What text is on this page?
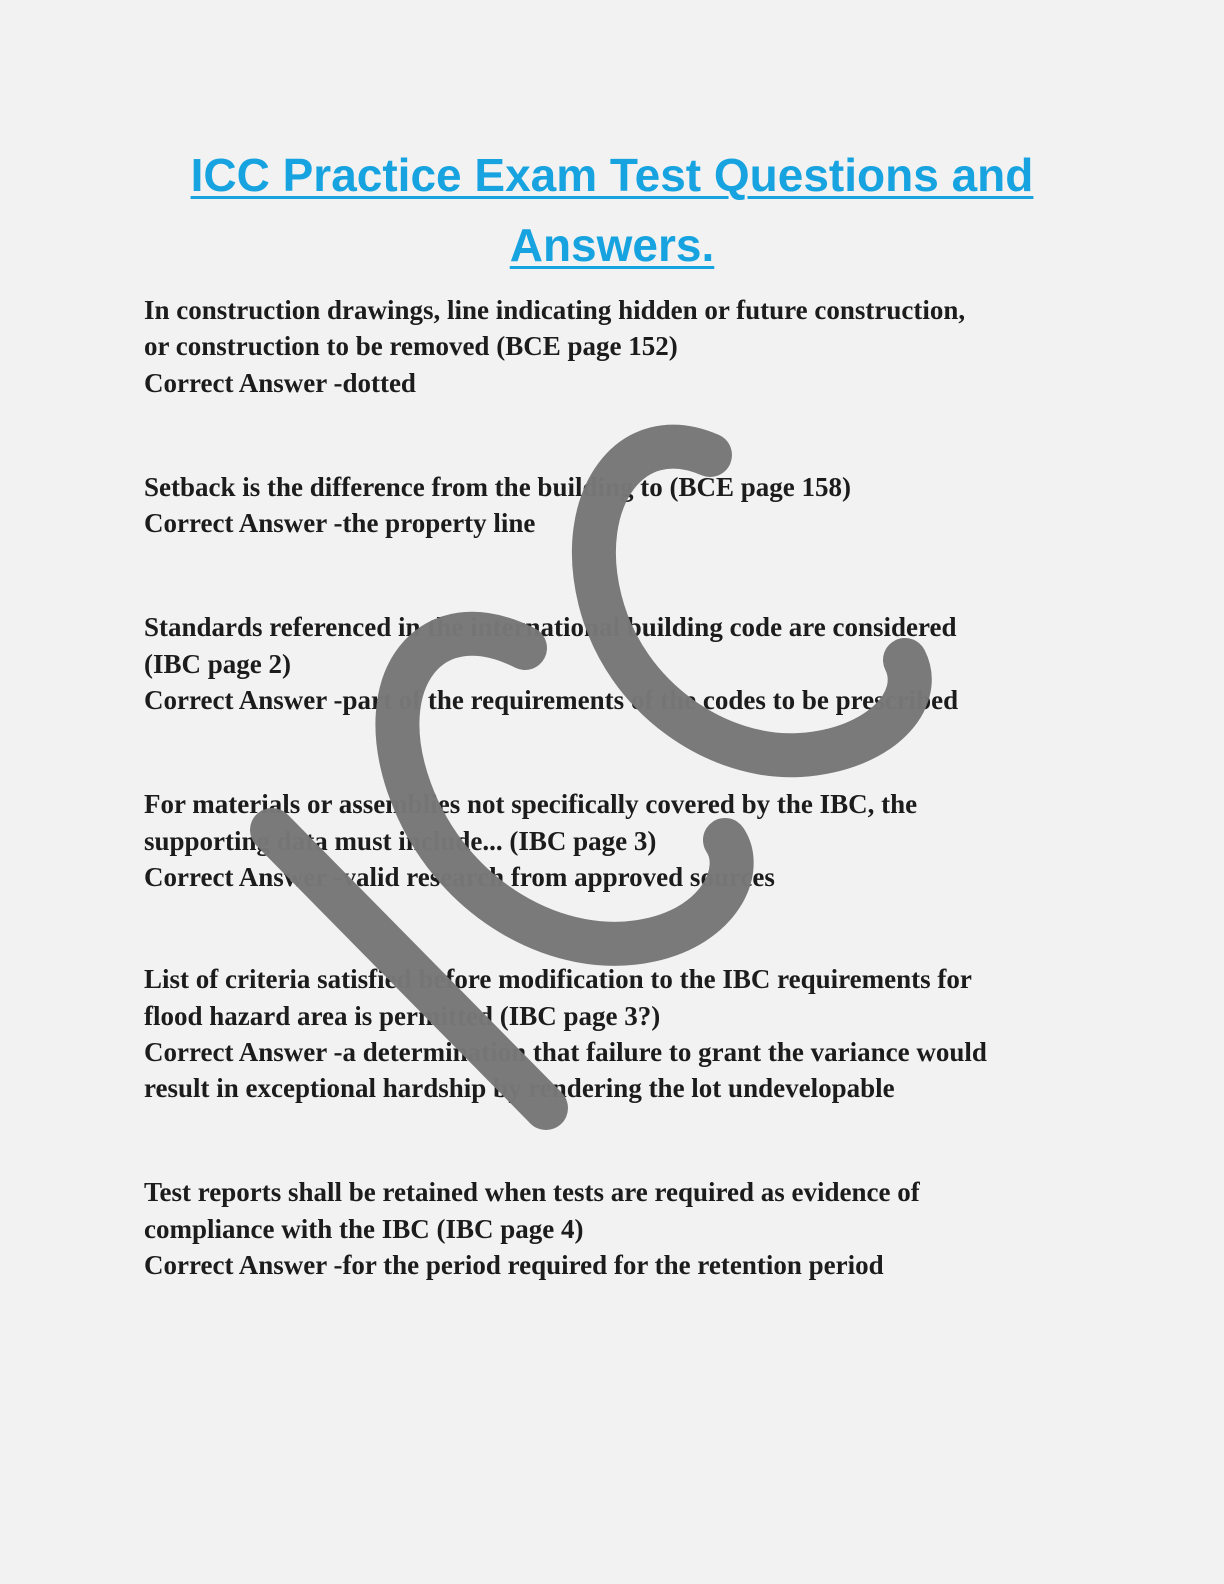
ICC Practice Exam Test Questions and
Answers.

In construction drawings, line indicating hidden or future construction,

or construction to be removed (BCE page 152)

Correct Answer -dotted

Setback is the difference from the building to (BCE page 158)

Correct Answer -the property line

Standards referenced in the international building code are considered

(IBC page 2)

Correct Answer -part of the requirements of the codes to be prescribed

For materials or assemblies not specifically covered by the IBC, the

supporting data must include... (IBC page 3)

Correct Answer -valid research from approved sources

List of criteria satisfied before modification to the IBC requirements for

flood hazard area is permitted (IBC page 3?)

Correct Answer -a determination that failure to grant the variance would

result in exceptional hardship by rendering the lot undevelopable

Test reports shall be retained when tests are required as evidence of

compliance with the IBC (IBC page 4)

Correct Answer -for the period required for the retention period
